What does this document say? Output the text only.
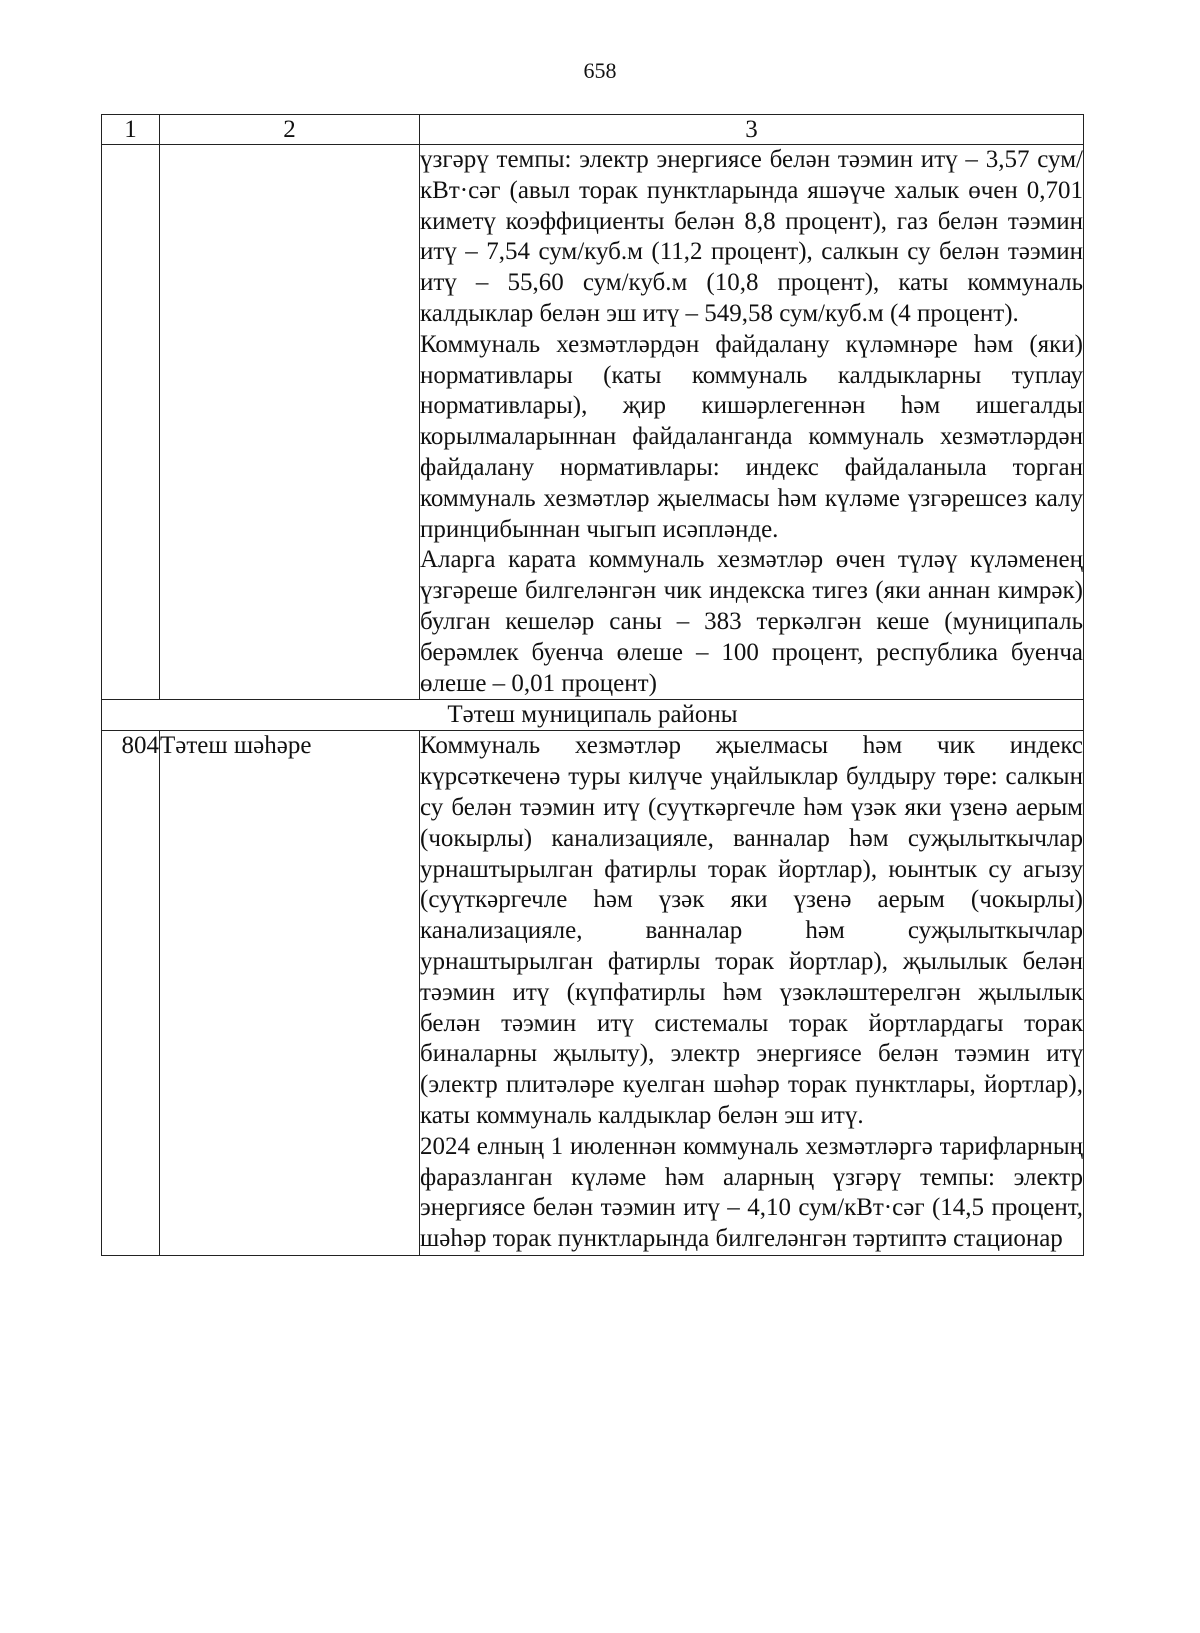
658
1	2	3

		үзгәрү темпы: электр энергиясе белән тәэмин итү – 3,57 сум/кВт·сәг (авыл торак пунктларында яшәүче халык өчен 0,701 киметү коэффициенты белән 8,8 процент), газ белән тәэмин итү – 7,54 сум/куб.м (11,2 процент), салкын су белән тәэмин итү – 55,60 сум/куб.м (10,8 процент), каты коммуналь калдыклар белән эш итү – 549,58 сум/куб.м (4 процент).

Коммуналь хезмәтләрдән файдалану күләмнәре һәм (яки) нормативлары (каты коммуналь калдыкларны туплау нормативлары), җир кишәрлегеннән һәм ишегалды корылмаларыннан файдаланганда коммуналь хезмәтләрдән файдалану нормативлары: индекс файдаланыла торган коммуналь хезмәтләр җыелмасы һәм күләме үзгәрешсез калу принцибыннан чыгып исәпләнде.

Аларга карата коммуналь хезмәтләр өчен түләү күләменең үзгәреше билгеләнгән чик индекска тигез (яки аннан кимрәк) булган кешеләр саны – 383 теркәлгән кеше (муниципаль берәмлек буенча өлеше – 100 процент, республика буенча өлеше – 0,01 процент)

Тәтеш муниципаль районы		
804	Тәтеш шәһәре	Коммуналь хезмәтләр җыелмасы һәм чик индекс күрсәткеченә туры килүче уңайлыклар булдыру төре: салкын су белән тәэмин итү (суүткәргечле һәм үзәк яки үзенә аерым (чокырлы) канализацияле, ванналар һәм суҗылыткычлар урнаштырылган фатирлы торак йортлар), юынтык су агызу (суүткәргечле һәм үзәк яки үзенә аерым (чокырлы) канализацияле, ванналар һәм суҗылыткычлар урнаштырылган фатирлы торак йортлар), җылылык белән тәэмин итү (күпфатирлы һәм үзәкләштерелгән җылылык белән тәэмин итү системалы торак йортлардагы торак биналарны җылыту), электр энергиясе белән тәэмин итү (электр плитәләре куелган шәһәр торак пунктлары, йортлар), каты коммуналь калдыклар белән эш итү.

2024 елның 1 июленнән коммуналь хезмәтләргә тарифларның фаразланган күләме һәм аларның үзгәрү темпы: электр энергиясе белән тәэмин итү – 4,10 сум/кВт·сәг (14,5 процент, шәһәр торак пунктларында билгеләнгән тәртиптә стационар
